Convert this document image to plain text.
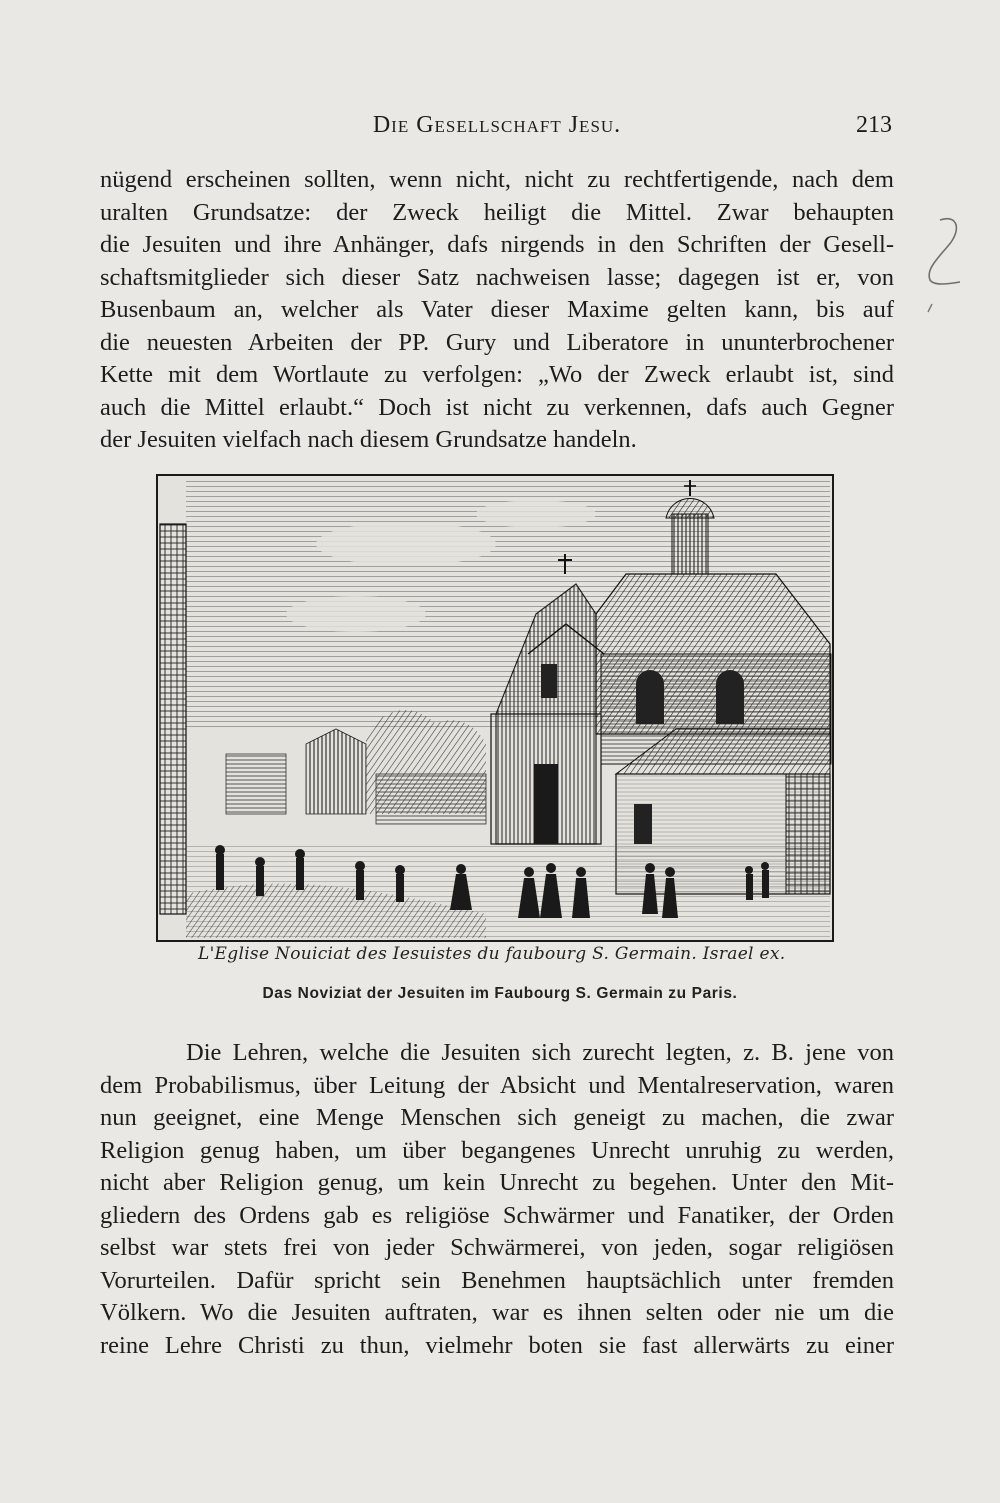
Die Gesellschaft Jesu.	213
nügend erscheinen sollten, wenn nicht, nicht zu rechtfertigende, nach dem
uralten Grundsatze: der Zweck heiligt die Mittel. Zwar behaupten
die Jesuiten und ihre Anhänger, dafs nirgends in den Schriften der Gesell-
schaftsmitglieder sich dieser Satz nachweisen lasse; dagegen ist er, von
Busenbaum an, welcher als Vater dieser Maxime gelten kann, bis auf
die neuesten Arbeiten der PP. Gury und Liberatore in ununterbrochener
Kette mit dem Wortlaute zu verfolgen: „Wo der Zweck erlaubt ist, sind
auch die Mittel erlaubt.“ Doch ist nicht zu verkennen, dafs auch Gegner
der Jesuiten vielfach nach diesem Grundsatze handeln.
L'Eglise Nouiciat des Iesuistes du faubourg S. Germain. Israel ex.
Das Noviziat der Jesuiten im Faubourg S. Germain zu Paris.
Die Lehren, welche die Jesuiten sich zurecht legten, z. B. jene von
dem Probabilismus, über Leitung der Absicht und Mentalreservation, waren
nun geeignet, eine Menge Menschen sich geneigt zu machen, die zwar
Religion genug haben, um über begangenes Unrecht unruhig zu werden,
nicht aber Religion genug, um kein Unrecht zu begehen. Unter den Mit-
gliedern des Ordens gab es religiöse Schwärmer und Fanatiker, der Orden
selbst war stets frei von jeder Schwärmerei, von jeden, sogar religiösen
Vorurteilen. Dafür spricht sein Benehmen hauptsächlich unter fremden
Völkern. Wo die Jesuiten auftraten, war es ihnen selten oder nie um die
reine Lehre Christi zu thun, vielmehr boten sie fast allerwärts zu einer
